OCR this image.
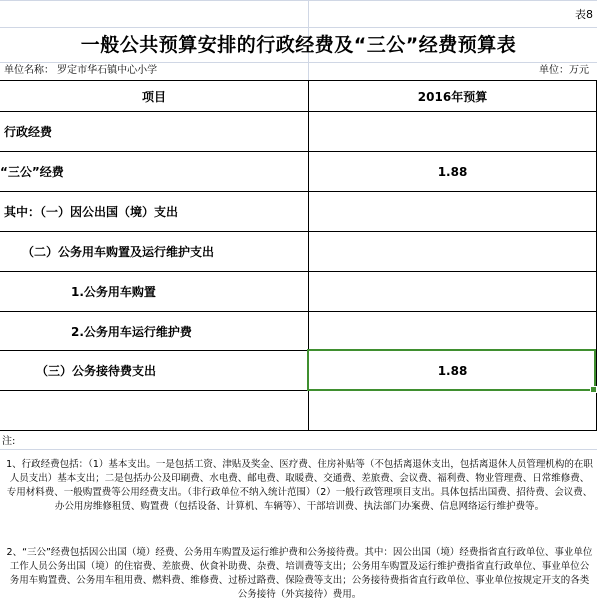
表8
一般公共预算安排的行政经费及“三公”经费预算表
单位名称： 罗定市华石镇中心小学	单位：万元
项目	2016年预算
行政经费
“三公”经费
其中：（一）因公出国（境）支出
（二）公务用车购置及运行维护支出
1.公务用车购置
2.公务用车运行维护费
（三）公务接待费支出
1.88
1.88
注:
1、行政经费包括：（1）基本支出。一是包括工资、津贴及奖金、医疗费、住房补贴等（不包括离退休支出，包括离退休人员管理机构的在职人员支出）基本支出；二是包括办公及印刷费、水电费、邮电费、取暖费、交通费、差旅费、会议费、福利费、物业管理费、日常维修费、专用材料费、一般购置费等公用经费支出。（非行政单位不纳入统计范围）（2）一般行政管理项目支出。具体包括出国费、招待费、会议费、办公用房维修租赁、购置费（包括设备、计算机、车辆等）、干部培训费、执法部门办案费、信息网络运行维护费等。
2、“三公”经费包括因公出国（境）经费、公务用车购置及运行维护费和公务接待费。其中：因公出国（境）经费指省直行政单位、事业单位工作人员公务出国（境）的住宿费、差旅费、伙食补助费、杂费、培训费等支出；公务用车购置及运行维护费指省直行政单位、事业单位公务用车购置费、公务用车租用费、燃料费、维修费、过桥过路费、保险费等支出；公务接待费指省直行政单位、事业单位按规定开支的各类公务接待（外宾接待）费用。
